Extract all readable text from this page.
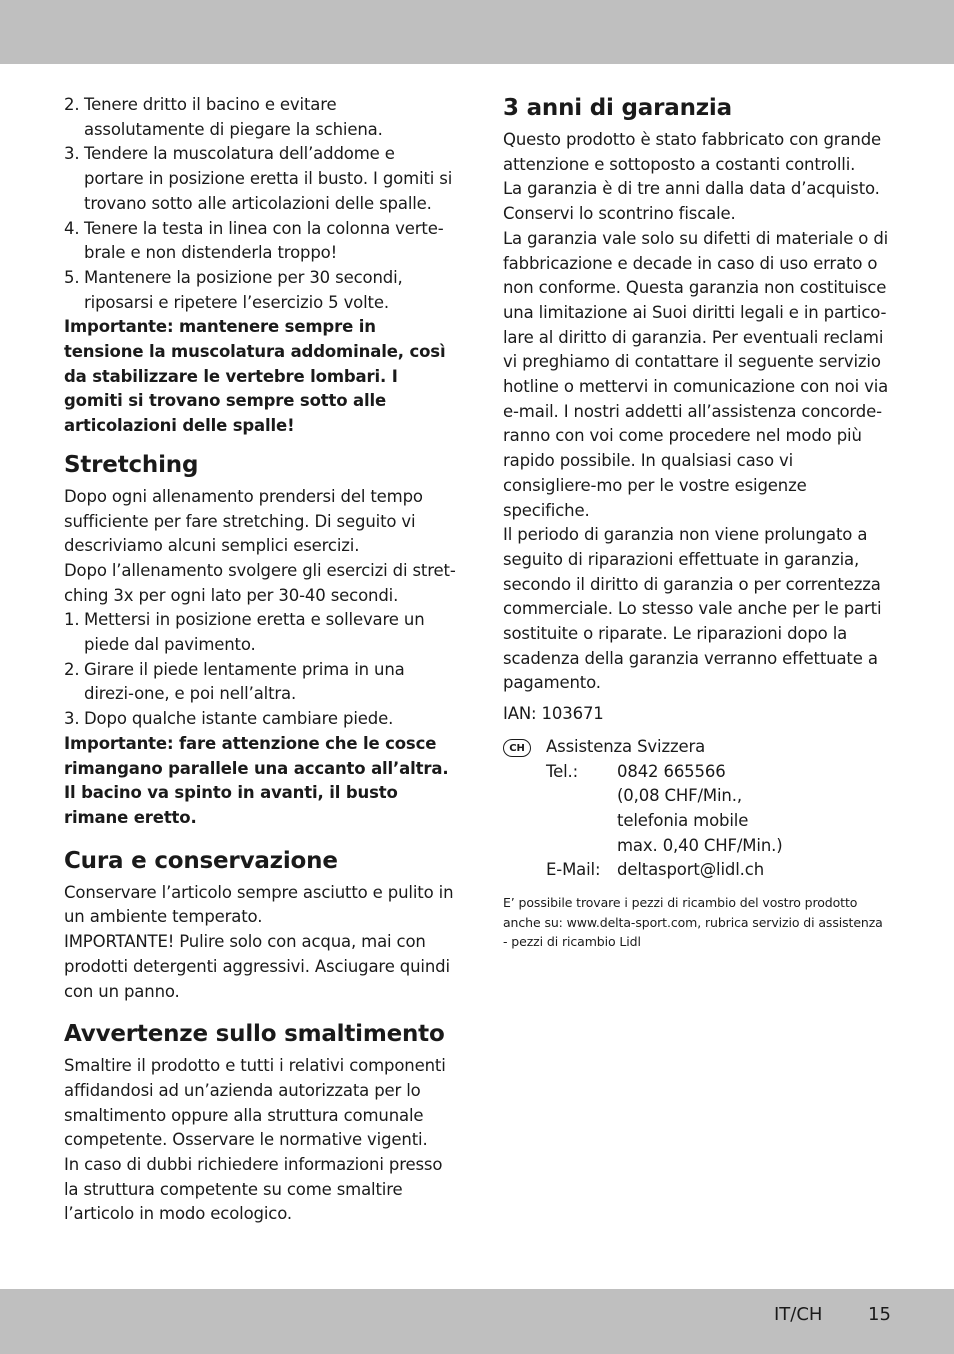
2. Tenere dritto il bacino e evitare assolutamente di piegare la schiena.
3. Tendere la muscolatura dell’addome e portare in posizione eretta il busto. I gomiti si trovano sotto alle articolazioni delle spalle.
4. Tenere la testa in linea con la colonna verte-brale e non distenderla troppo!
5. Mantenere la posizione per 30 secondi, riposarsi e ripetere l’esercizio 5 volte.

Importante: mantenere sempre in tensione la muscolatura addominale, così da stabilizzare le vertebre lombari. I gomiti si trovano sempre sotto alle articolazioni delle spalle!

Stretching

Dopo ogni allenamento prendersi del tempo sufficiente per fare stretching. Di seguito vi descriviamo alcuni semplici esercizi.

Dopo l’allenamento svolgere gli esercizi di stret-ching 3x per ogni lato per 30-40 secondi.

1. Mettersi in posizione eretta e sollevare un piede dal pavimento.
2. Girare il piede lentamente prima in una direzi-one, e poi nell’altra.
3. Dopo qualche istante cambiare piede.

Importante: fare attenzione che le cosce rimangano parallele una accanto all’altra. Il bacino va spinto in avanti, il busto rimane eretto.

Cura e conservazione

Conservare l’articolo sempre asciutto e pulito in un ambiente temperato.

IMPORTANTE! Pulire solo con acqua, mai con prodotti detergenti aggressivi. Asciugare quindi con un panno.

Avvertenze sullo smaltimento

Smaltire il prodotto e tutti i relativi componenti affidandosi ad un’azienda autorizzata per lo smaltimento oppure alla struttura comunale competente. Osservare le normative vigenti.

In caso di dubbi richiedere informazioni presso la struttura competente su come smaltire l’articolo in modo ecologico.

3 anni di garanzia

Questo prodotto è stato fabbricato con grande attenzione e sottoposto a costanti controlli.

La garanzia è di tre anni dalla data d’acquisto. Conservi lo scontrino fiscale.

La garanzia vale solo su difetti di materiale o di fabbricazione e decade in caso di uso errato o non conforme. Questa garanzia non costituisce una limitazione ai Suoi diritti legali e in partico-lare al diritto di garanzia. Per eventuali reclami vi preghiamo di contattare il seguente servizio hotline o mettervi in comunicazione con noi via e-mail. I nostri addetti all’assistenza concorde-ranno con voi come procedere nel modo più rapido possibile. In qualsiasi caso vi consigliere-mo per le vostre esigenze specifiche.

Il periodo di garanzia non viene prolungato a seguito di riparazioni effettuate in garanzia, secondo il diritto di garanzia o per correntezza commerciale. Lo stesso vale anche per le parti sostituite o riparate. Le riparazioni dopo la scadenza della garanzia verranno effettuate a pagamento.

IAN: 103671

CH	Assistenza Svizzera
Tel.:	0842 665566
(0,08 CHF/Min.,
telefonia mobile
max. 0,40 CHF/Min.)
E-Mail:	deltasport@lidl.ch

E’ possibile trovare i pezzi di ricambio del vostro prodotto anche su: www.delta-sport.com, rubrica servizio di assistenza - pezzi di ricambio Lidl

IT/CH	15
